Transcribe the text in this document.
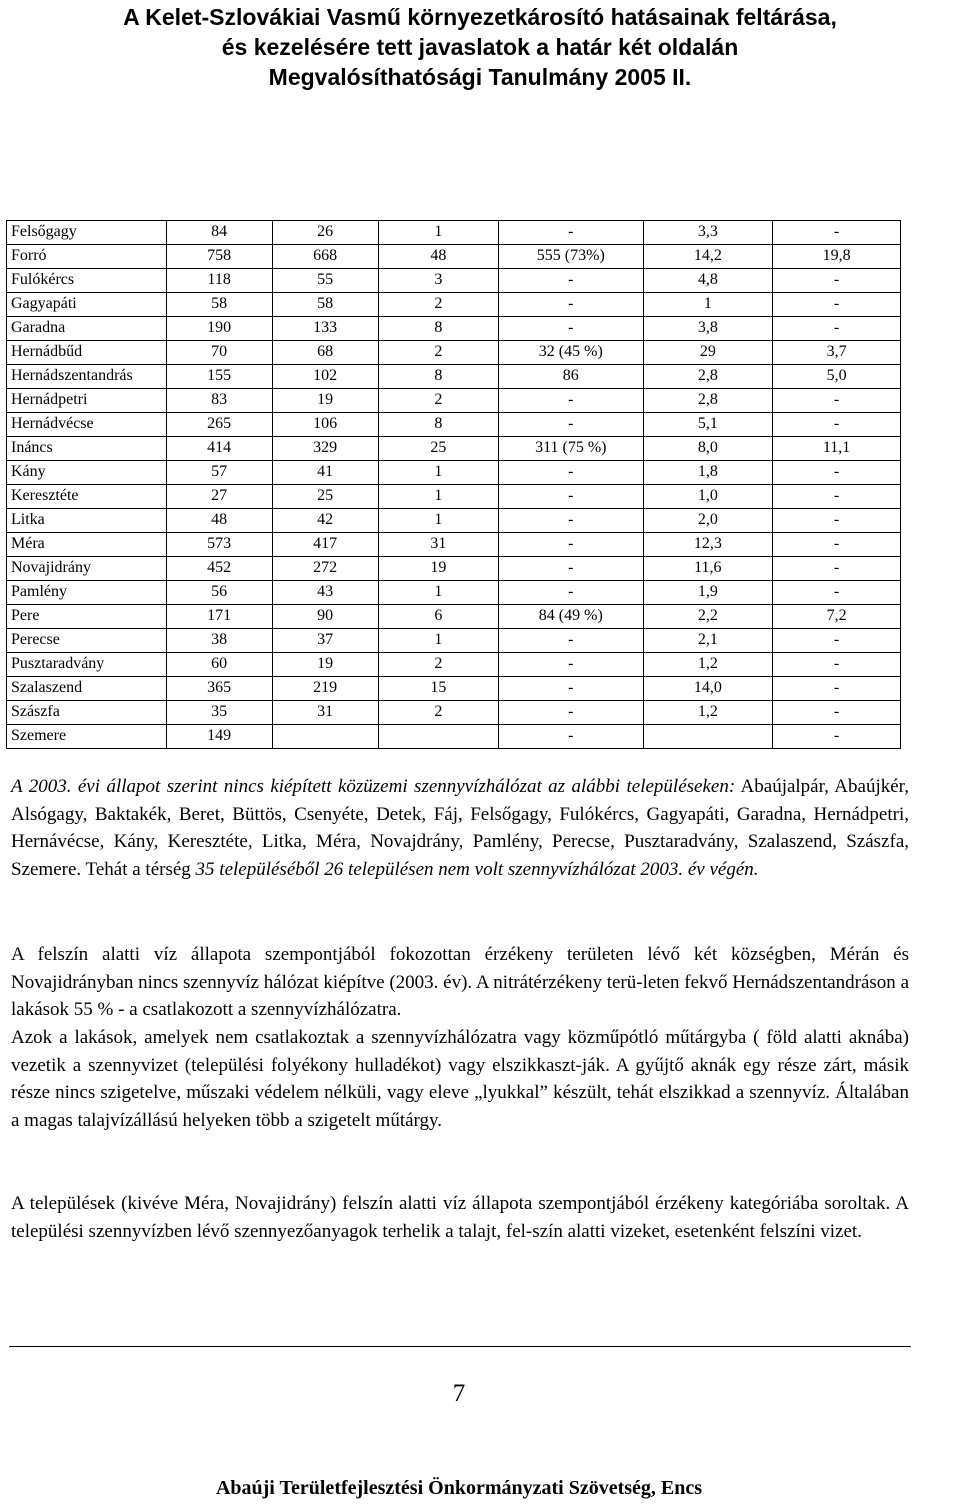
A Kelet-Szlovákiai Vasmű környezetkárosító hatásainak feltárása,
és kezelésére tett javaslatok a határ két oldalán
Megvalósíthatósági Tanulmány 2005 II.
Felsőgagy	84	26	1	-	3,3	-
Forró	758	668	48	555 (73%)	14,2	19,8
Fulókércs	118	55	3	-	4,8	-
Gagyapáti	58	58	2	-	1	-
Garadna	190	133	8	-	3,8	-
Hernádbűd	70	68	2	32 (45 %)	29	3,7
Hernádszentandrás	155	102	8	86	2,8	5,0
Hernádpetri	83	19	2	-	2,8	-
Hernádvécse	265	106	8	-	5,1	-
Ináncs	414	329	25	311 (75 %)	8,0	11,1
Kány	57	41	1	-	1,8	-
Keresztéte	27	25	1	-	1,0	-
Litka	48	42	1	-	2,0	-
Méra	573	417	31	-	12,3	-
Novajidrány	452	272	19	-	11,6	-
Pamlény	56	43	1	-	1,9	-
Pere	171	90	6	84 (49 %)	2,2	7,2
Perecse	38	37	1	-	2,1	-
Pusztaradvány	60	19	2	-	1,2	-
Szalaszend	365	219	15	-	14,0	-
Szászfa	35	31	2	-	1,2	-
Szemere	149			-		-

A 2003. évi állapot szerint nincs kiépített közüzemi szennyvízhálózat az alábbi településeken: Abaújalpár, Abaújkér, Alsógagy, Baktakék, Beret, Büttös, Csenyéte, Detek, Fáj, Felsőgagy, Fulókércs, Gagyapáti, Garadna, Hernádpetri, Hernávécse, Kány, Keresztéte, Litka, Méra, Novajdrány, Pamlény, Perecse, Pusztaradvány, Szalaszend, Szászfa, Szemere. Tehát a térség 35 településéből 26 településen nem volt szennyvízhálózat 2003. év végén.

A felszín alatti víz állapota szempontjából fokozottan érzékeny területen lévő két községben, Mérán és Novajidrányban nincs szennyvíz hálózat kiépítve (2003. év). A nitrátérzékeny terü-leten fekvő Hernádszentandráson a lakások 55 % - a csatlakozott a szennyvízhálózatra.

Azok a lakások, amelyek nem csatlakoztak a szennyvízhálózatra vagy közműpótló műtárgyba ( föld alatti aknába) vezetik a szennyvizet (települési folyékony hulladékot) vagy elszikkaszt-ják. A gyűjtő aknák egy része zárt, másik része nincs szigetelve, műszaki védelem nélküli, vagy eleve „lyukkal” készült, tehát elszikkad a szennyvíz. Általában a magas talajvízállású helyeken több a szigetelt műtárgy.

A települések (kivéve Méra, Novajidrány) felszín alatti víz állapota szempontjából érzékeny kategóriába soroltak. A települési szennyvízben lévő szennyezőanyagok terhelik a talajt, fel-szín alatti vizeket, esetenként felszíni vizet.

7
Abaúji Területfejlesztési Önkormányzati Szövetség, Encs
